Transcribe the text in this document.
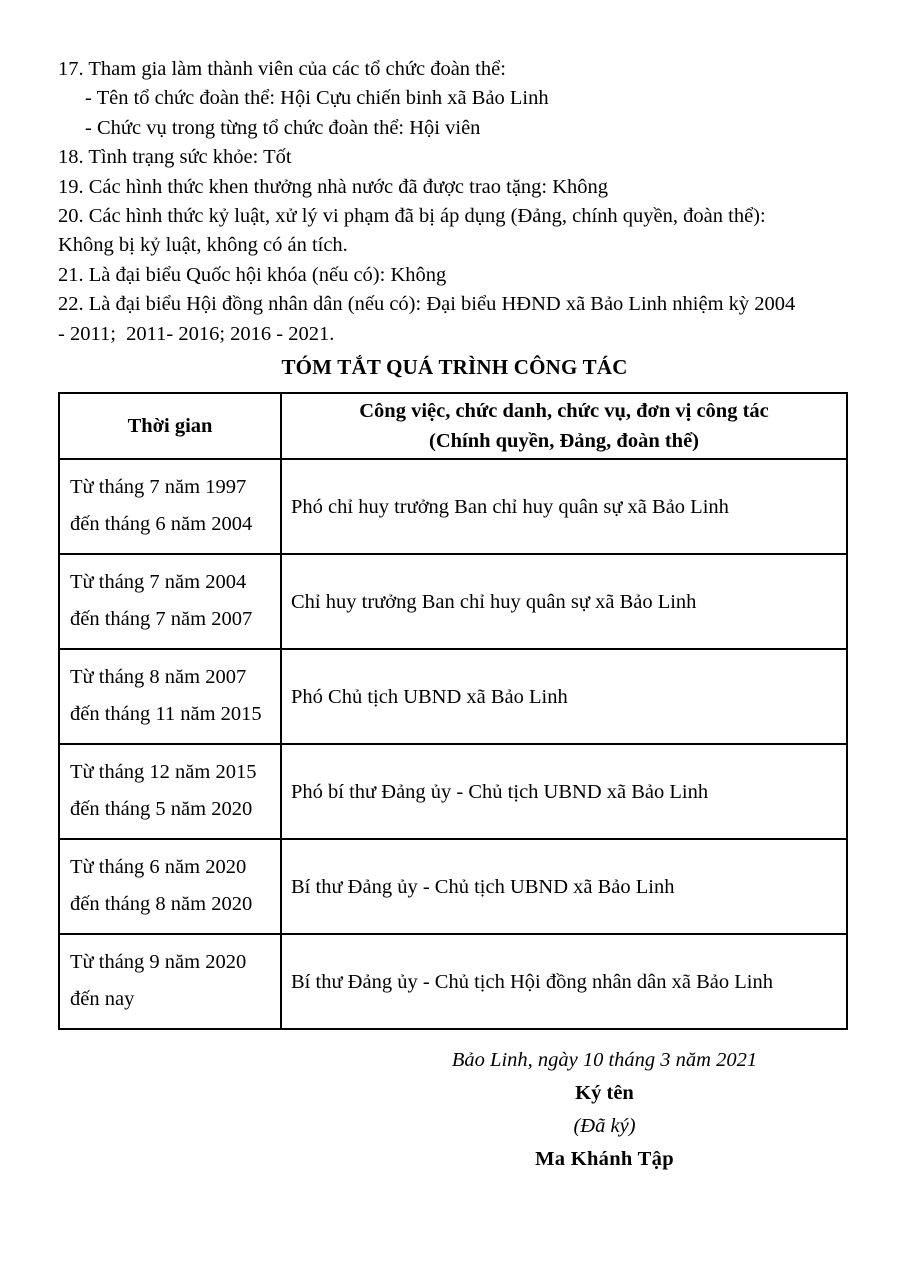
17. Tham gia làm thành viên của các tổ chức đoàn thể:
- Tên tổ chức đoàn thể: Hội Cựu chiến binh xã Bảo Linh
- Chức vụ trong từng tổ chức đoàn thể: Hội viên
18. Tình trạng sức khỏe: Tốt
19. Các hình thức khen thưởng nhà nước đã được trao tặng: Không
20. Các hình thức kỷ luật, xử lý vi phạm đã bị áp dụng (Đảng, chính quyền, đoàn thể):
Không bị kỷ luật, không có án tích.
21. Là đại biểu Quốc hội khóa (nếu có): Không
22. Là đại biểu Hội đồng nhân dân (nếu có): Đại biểu HĐND xã Bảo Linh nhiệm kỳ 2004
- 2011;  2011- 2016; 2016 - 2021.
TÓM TẮT QUÁ TRÌNH CÔNG TÁC
Thời gian	Công việc, chức danh, chức vụ, đơn vị công tác
(Chính quyền, Đảng, đoàn thể)

Từ tháng 7 năm 1997
đến tháng 6 năm 2004	Phó chỉ huy trưởng Ban chỉ huy quân sự xã Bảo Linh

Từ tháng 7 năm 2004
đến tháng 7 năm 2007	Chỉ huy trưởng Ban chỉ huy quân sự xã Bảo Linh

Từ tháng 8 năm 2007
đến tháng 11 năm 2015	Phó Chủ tịch UBND xã Bảo Linh

Từ tháng 12 năm 2015
đến tháng 5 năm 2020	Phó bí thư Đảng ủy - Chủ tịch UBND xã Bảo Linh

Từ tháng 6 năm 2020
đến tháng 8 năm 2020	Bí thư Đảng ủy - Chủ tịch UBND xã Bảo Linh

Từ tháng 9 năm 2020
đến nay	Bí thư Đảng ủy - Chủ tịch Hội đồng nhân dân xã Bảo Linh
Bảo Linh, ngày 10 tháng 3 năm 2021
Ký tên
(Đã ký)
Ma Khánh Tập
